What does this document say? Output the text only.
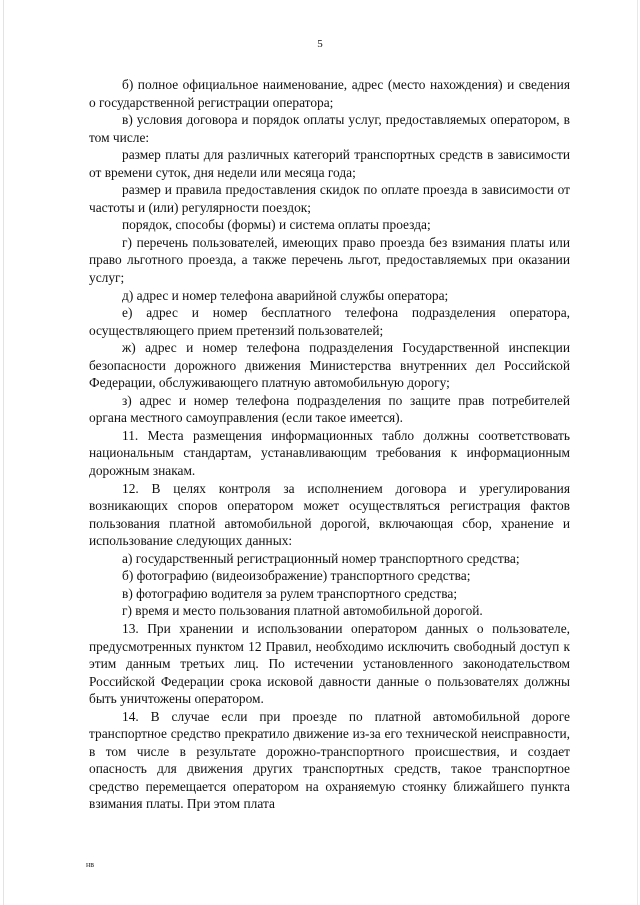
5

б) полное официальное наименование, адрес (место нахождения) и сведения о государственной регистрации оператора;

в) условия договора и порядок оплаты услуг, предоставляемых оператором, в том числе:

размер платы для различных категорий транспортных средств в зависимости от времени суток, дня недели или месяца года;

размер и правила предоставления скидок по оплате проезда в зависимости от частоты и (или) регулярности поездок;

порядок, способы (формы) и система оплаты проезда;

г) перечень пользователей, имеющих право проезда без взимания платы или право льготного проезда, а также перечень льгот, предоставляемых при оказании услуг;

д) адрес и номер телефона аварийной службы оператора;

е) адрес и номер бесплатного телефона подразделения оператора, осуществляющего прием претензий пользователей;

ж) адрес и номер телефона подразделения Государственной инспекции безопасности дорожного движения Министерства внутренних дел Российской Федерации, обслуживающего платную автомобильную дорогу;

з) адрес и номер телефона подразделения по защите прав потребителей органа местного самоуправления (если такое имеется).

11. Места размещения информационных табло должны соответствовать национальным стандартам, устанавливающим требования к информационным дорожным знакам.

12. В целях контроля за исполнением договора и урегулирования возникающих споров оператором может осуществляться регистрация фактов пользования платной автомобильной дорогой, включающая сбор, хранение и использование следующих данных:

а) государственный регистрационный номер транспортного средства;

б) фотографию (видеоизображение) транспортного средства;

в) фотографию водителя за рулем транспортного средства;

г) время и место пользования платной автомобильной дорогой.

13. При хранении и использовании оператором данных о пользователе, предусмотренных пунктом 12 Правил, необходимо исключить свободный доступ к этим данным третьих лиц. По истечении установленного законодательством Российской Федерации срока исковой давности данные о пользователях должны быть уничтожены оператором.

14. В случае если при проезде по платной автомобильной дороге транспортное средство прекратило движение из-за его технической неисправности, в том числе в результате дорожно-транспортного происшествия, и создает опасность для движения других транспортных средств, такое транспортное средство перемещается оператором на охраняемую стоянку ближайшего пункта взимания платы. При этом плата

нв
